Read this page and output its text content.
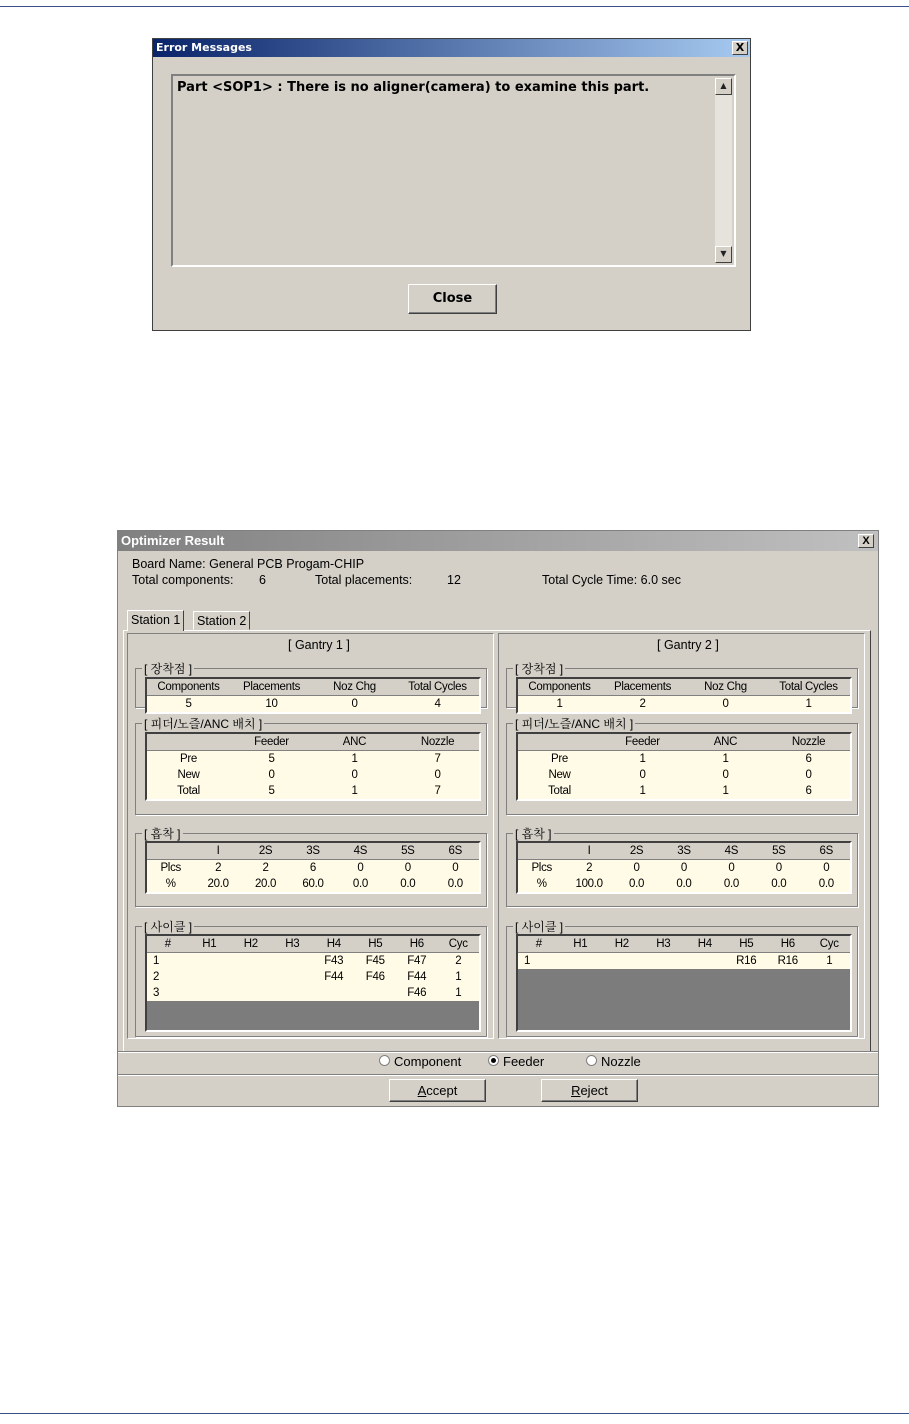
Error Messages	X
Part <SOP1> : There is no aligner(camera) to examine this part.	▲
▼
Close
Optimizer Result	X
Board Name: General PCB Progam-CHIP
Total components: 6	Total placements:	12	Total Cycle Time: 6.0 sec
Station 1	Station 2
[ Gantry 1 ]
[ 장착점 ]
Components	Placements	Noz Chg	Total Cycles
5	10	0	4
[ 피더/노즐/ANC 배치 ]
	Feeder	ANC	Nozzle
Pre	5	1	7
New	0	0	0
Total	5	1	7
[ 흡착 ]
	I	2S	3S	4S	5S	6S
Plcs	2	2	6	0	0	0
%	20.0	20.0	60.0	0.0	0.0	0.0
[ 사이클 ]
#	H1	H2	H3	H4	H5	H6	Cyc
1				F43	F45	F47	2
2				F44	F46	F44	1
3						F46	1
[ Gantry 2 ]
[ 장착점 ]
Components	Placements	Noz Chg	Total Cycles
1	2	0	1
[ 피더/노즐/ANC 배치 ]
	Feeder	ANC	Nozzle
Pre	1	1	6
New	0	0	0
Total	1	1	6
[ 흡착 ]
	I	2S	3S	4S	5S	6S
Plcs	2	0	0	0	0	0
%	100.0	0.0	0.0	0.0	0.0	0.0
[ 사이클 ]
#	H1	H2	H3	H4	H5	H6	Cyc
1					R16	R16	1
Component	Feeder	Nozzle
Accept	Reject
